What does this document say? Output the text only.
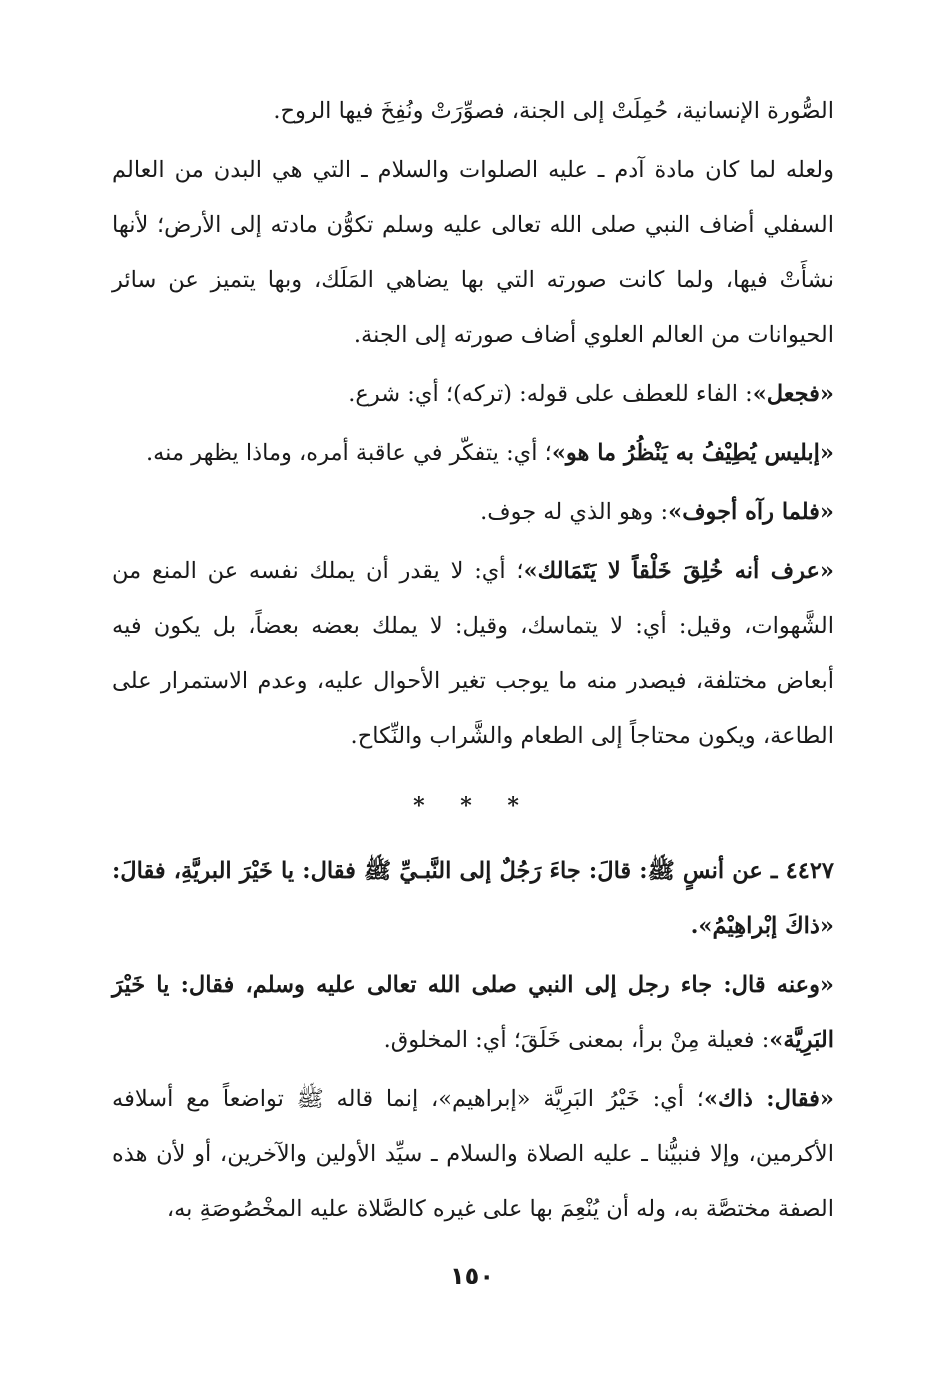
الصُّورة الإنسانية، حُمِلَتْ إلى الجنة، فصوِّرَتْ ونُفِخَ فيها الروح.

ولعله لما كان مادة آدم ـ عليه الصلوات والسلام ـ التي هي البدن من العالم السفلي أضاف النبي صلى الله تعالى عليه وسلم تكوُّن مادته إلى الأرض؛ لأنها نشأَتْ فيها، ولما كانت صورته التي بها يضاهي المَلَك، وبها يتميز عن سائر الحيوانات من العالم العلوي أضاف صورته إلى الجنة.

«فجعل»: الفاء للعطف على قوله: (تركه)؛ أي: شرع.

«إبليس يُطِيْفُ به يَنْظُرُ ما هو»؛ أي: يتفكّر في عاقبة أمره، وماذا يظهر منه.

«فلما رآه أجوف»: وهو الذي له جوف.

«عرف أنه خُلِقَ خَلْقاً لا يَتَمَالك»؛ أي: لا يقدر أن يملك نفسه عن المنع من الشَّهوات، وقيل: أي: لا يتماسك، وقيل: لا يملك بعضه بعضاً، بل يكون فيه أبعاض مختلفة، فيصدر منه ما يوجب تغير الأحوال عليه، وعدم الاستمرار على الطاعة، ويكون محتاجاً إلى الطعام والشَّراب والنِّكاح.

* * *

٤٤٢٧ ـ عن أنسٍ ﷺ: قالَ: جاءَ رَجُلٌ إلى النَّبـيِّ ﷺ فقال: يا خَيْرَ البريَّةِ، فقالَ: «ذاكَ إبْراهِيْمُ».

«وعنه قال: جاء رجل إلى النبي صلى الله تعالى عليه وسلم، فقال: يا خَيْرَ البَرِيَّة»: فعيلة مِنْ برأ، بمعنى خَلَقَ؛ أي: المخلوق.

«فقال: ذاك»؛ أي: خَيْرُ البَرِيَّة «إبراهيم»، إنما قاله ﷺ تواضعاً مع أسلافه الأكرمين، وإلا فنبيُّنا ـ عليه الصلاة والسلام ـ سيِّد الأولين والآخرين، أو لأن هذه الصفة مختصَّة به، وله أن يُنْعِمَ بها على غيره كالصَّلاة عليه المخْصُوصَةِ به،

١٥٠
